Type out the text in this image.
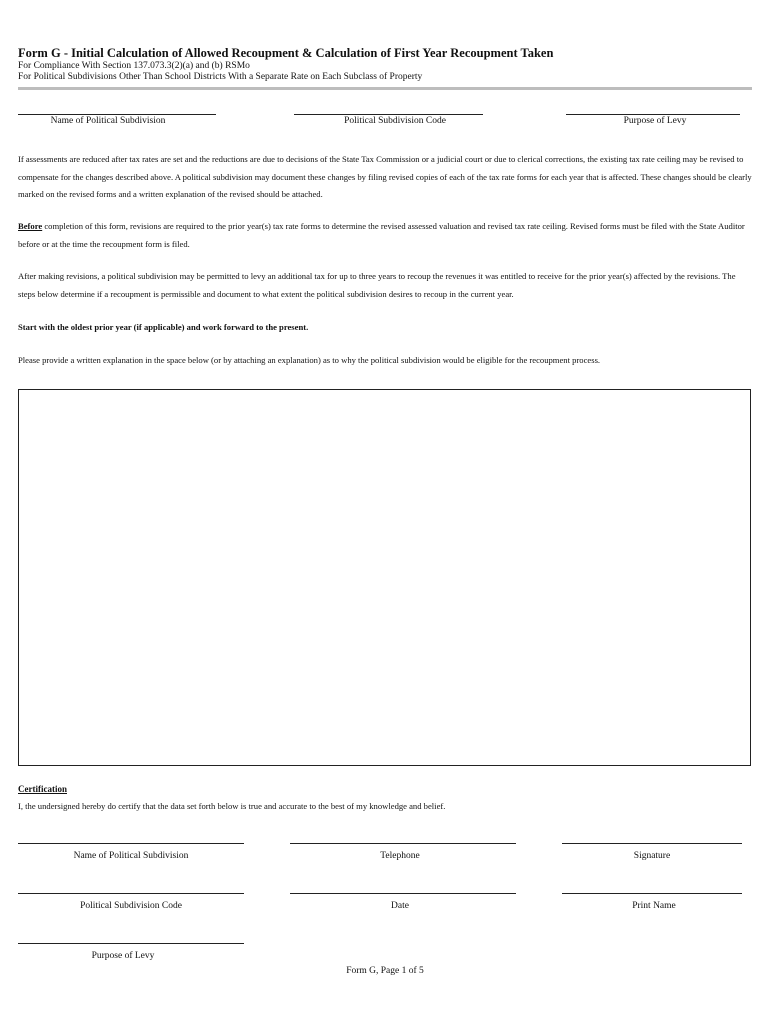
Form G - Initial Calculation of Allowed Recoupment & Calculation of First Year Recoupment Taken
For Compliance With Section 137.073.3(2)(a) and (b) RSMo
For Political Subdivisions Other Than School Districts With a Separate Rate on Each Subclass of Property
Name of Political Subdivision	Political Subdivision Code	Purpose of Levy
If assessments are reduced after tax rates are set and the reductions are due to decisions of the State Tax Commission or a judicial court or due to clerical corrections, the existing tax rate ceiling may be revised to compensate for the changes described above. A political subdivision may document these changes by filing revised copies of each of the tax rate forms for each year that is affected. These changes should be clearly marked on the revised forms and a written explanation of the revised should be attached.
Before completion of this form, revisions are required to the prior year(s) tax rate forms to determine the revised assessed valuation and revised tax rate ceiling. Revised forms must be filed with the State Auditor before or at the time the recoupment form is filed.
After making revisions, a political subdivision may be permitted to levy an additional tax for up to three years to recoup the revenues it was entitled to receive for the prior year(s) affected by the revisions. The steps below determine if a recoupment is permissible and document to what extent the political subdivision desires to recoup in the current year.
Start with the oldest prior year (if applicable) and work forward to the present.
Please provide a written explanation in the space below (or by attaching an explanation) as to why the political subdivision would be eligible for the recoupment process.
Certification
I, the undersigned hereby do certify that the data set forth below is true and accurate to the best of my knowledge and belief.
Name of Political Subdivision	Telephone	Signature
Political Subdivision Code	Date	Print Name
Purpose of Levy
Form G, Page 1 of 5
